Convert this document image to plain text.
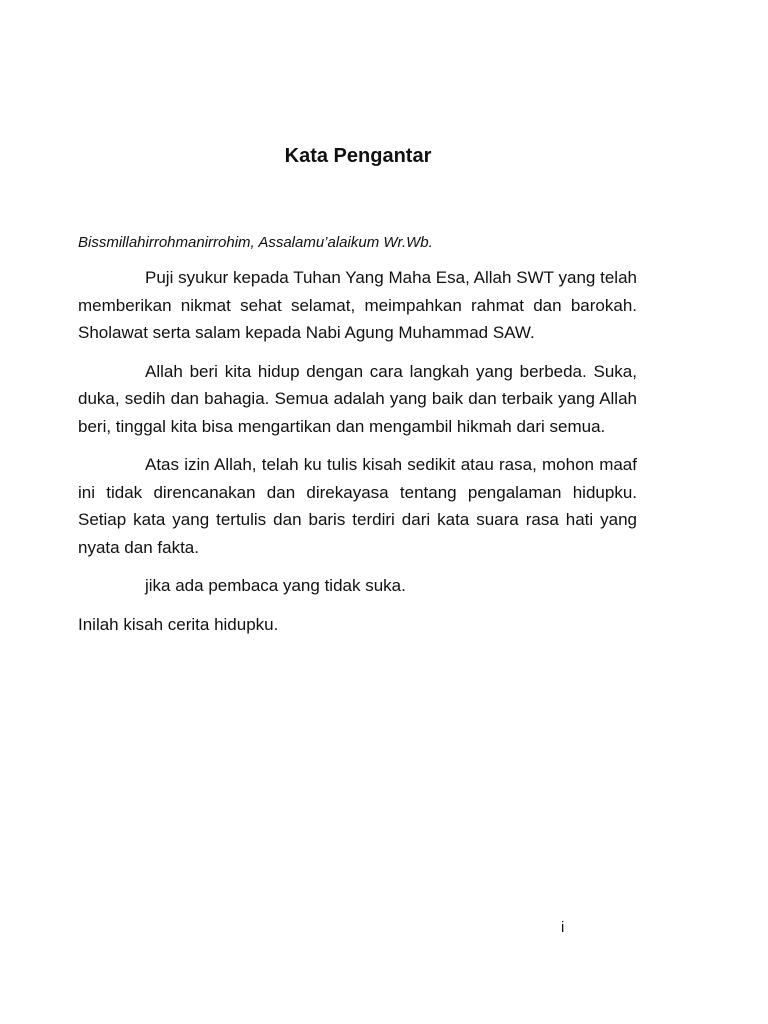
Kata Pengantar

Bissmillahirrohmanirrohim, Assalamu’alaikum Wr.Wb.

Puji syukur kepada Tuhan Yang Maha Esa, Allah SWT yang telah memberikan nikmat sehat selamat, meimpahkan rahmat dan barokah. Sholawat serta salam kepada Nabi Agung Muhammad SAW.

Allah beri kita hidup dengan cara langkah yang berbeda. Suka, duka, sedih dan bahagia. Semua adalah yang baik dan terbaik yang Allah beri, tinggal kita bisa mengartikan dan mengambil hikmah dari semua.

Atas izin Allah, telah ku tulis kisah sedikit atau rasa, mohon maaf ini tidak direncanakan dan direkayasa tentang pengalaman hidupku. Setiap kata yang tertulis dan baris terdiri dari kata suara rasa hati yang nyata dan fakta.

jika ada pembaca yang tidak suka.

Inilah kisah cerita hidupku.

i
